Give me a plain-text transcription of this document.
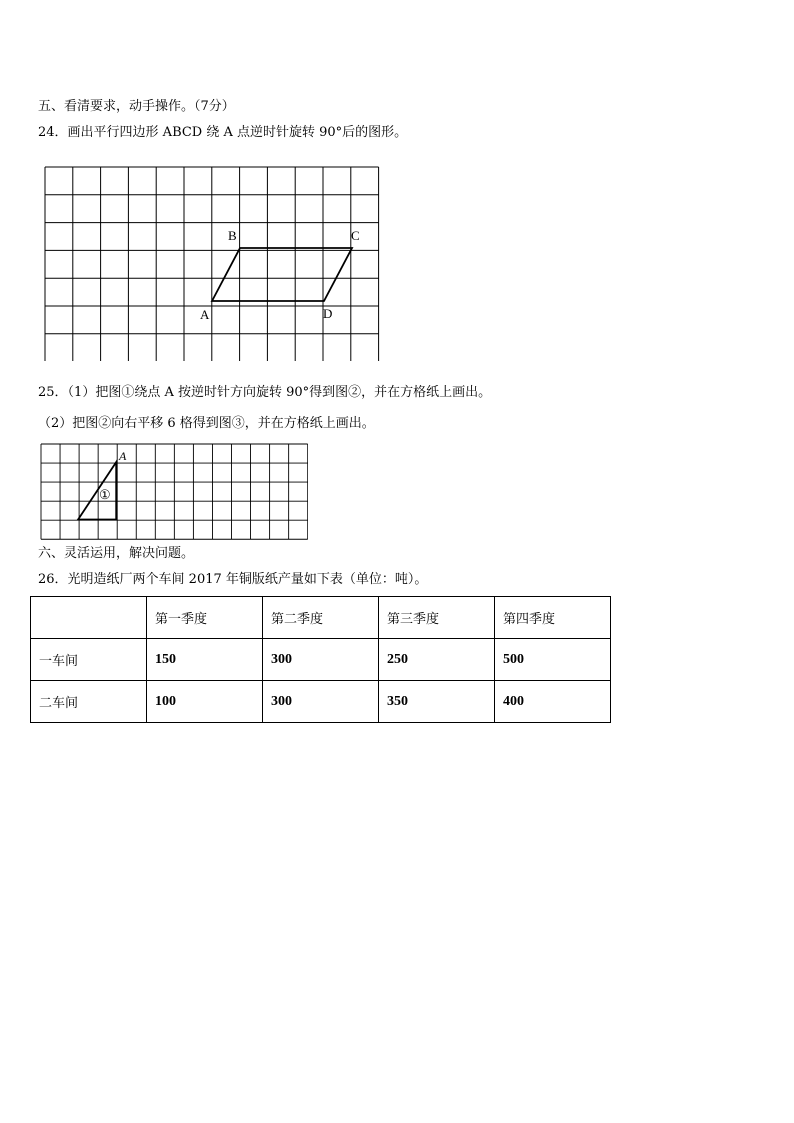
五、看清要求，动手操作。（7分）
24．画出平行四边形 ABCD 绕 A 点逆时针旋转 90°后的图形。
B	C
A	D
25．（1）把图①绕点 A 按逆时针方向旋转 90°得到图②，并在方格纸上画出。
（2）把图②向右平移 6 格得到图③，并在方格纸上画出。
A
①
六、灵活运用，解决问题。
26．光明造纸厂两个车间 2017 年铜版纸产量如下表（单位：吨）。
	第一季度	第二季度	第三季度	第四季度
一车间	150	300	250	500
二车间	100	300	350	400
